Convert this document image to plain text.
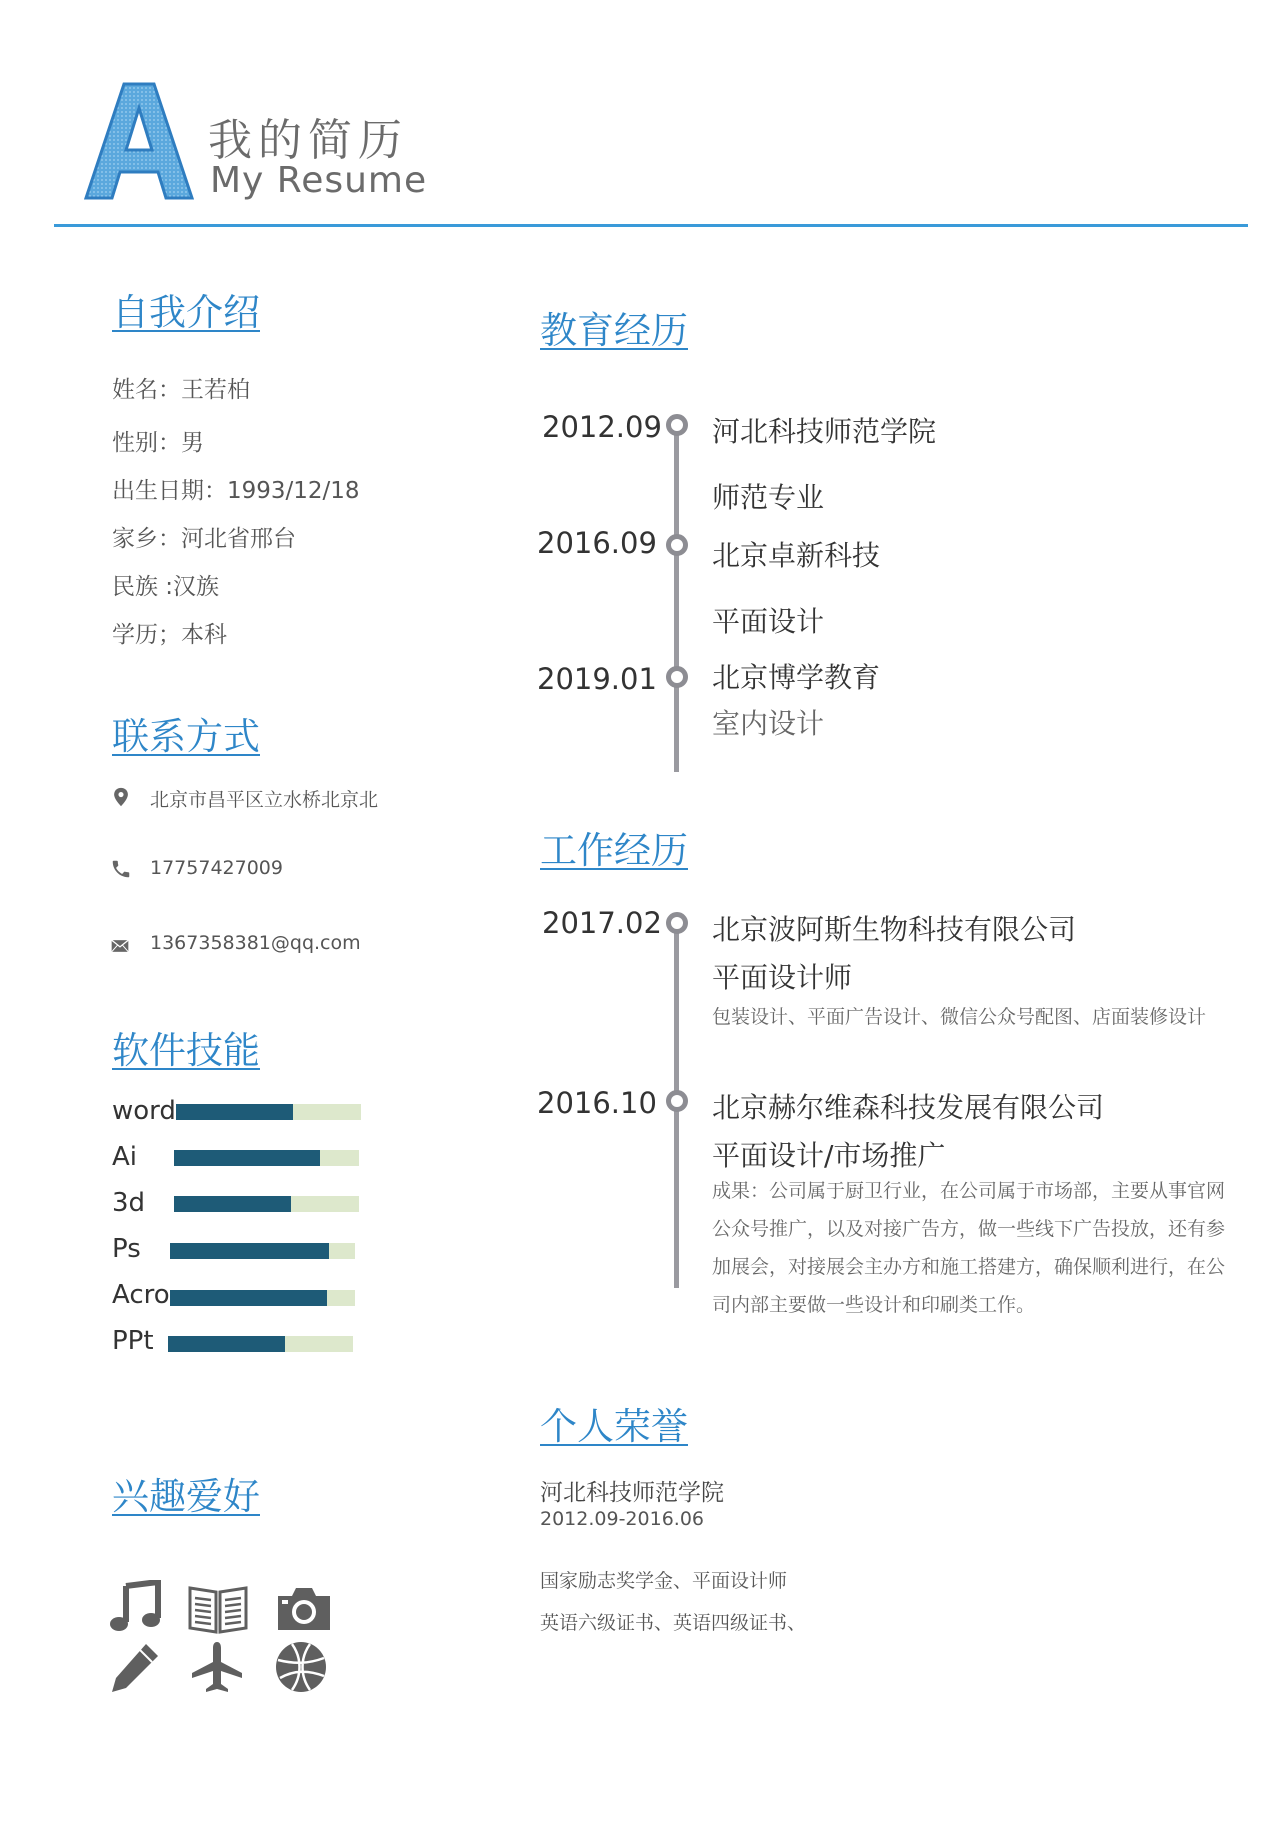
我的简历
My Resume
自我介绍
姓名：王若柏
性别：男
出生日期：1993/12/18
家乡：河北省邢台
民族 :汉族
学历；本科
联系方式
北京市昌平区立水桥北京北
17757427009
1367358381@qq.com
软件技能
word
Ai
3d
Ps
Acro
PPt
兴趣爱好
教育经历
2012.09 河北科技师范学院
师范专业
2016.09 北京卓新科技
平面设计
2019.01 北京博学教育
室内设计
工作经历
2017.02 北京波阿斯生物科技有限公司
平面设计师
包装设计、平面广告设计、微信公众号配图、店面装修设计
2016.10 北京赫尔维森科技发展有限公司
平面设计/市场推广
成果：公司属于厨卫行业，在公司属于市场部，主要从事官网公众号推广，以及对接广告方，做一些线下广告投放，还有参加展会，对接展会主办方和施工搭建方，确保顺利进行，在公司内部主要做一些设计和印刷类工作。
个人荣誉
河北科技师范学院
2012.09-2016.06
国家励志奖学金、平面设计师
英语六级证书、英语四级证书、
